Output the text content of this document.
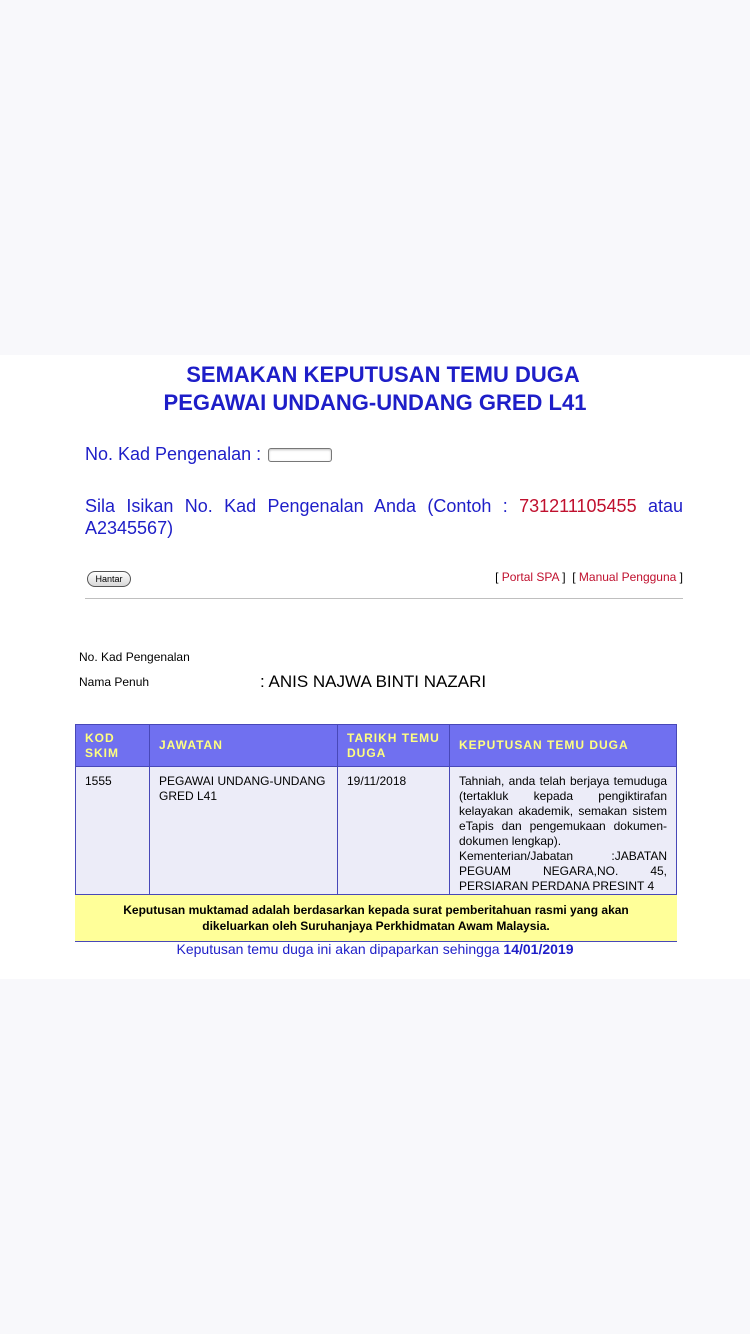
SEMAKAN KEPUTUSAN TEMU DUGA
PEGAWAI UNDANG-UNDANG GRED L41
No. Kad Pengenalan :
Sila Isikan No. Kad Pengenalan Anda (Contoh : 731211105455 atau A2345567)
Hantar	[ Portal SPA ]  [ Manual Pengguna ]
No. Kad Pengenalan
Nama Penuh	: ANIS NAJWA BINTI NAZARI
KOD SKIM	JAWATAN	TARIKH TEMU DUGA	KEPUTUSAN TEMU DUGA
1555	PEGAWAI UNDANG-UNDANG GRED L41	19/11/2018	Tahniah, anda telah berjaya temuduga (tertakluk kepada pengiktirafan kelayakan akademik, semakan sistem eTapis dan pengemukaan dokumen-dokumen lengkap).
Kementerian/Jabatan :JABATAN PEGUAM NEGARA,NO. 45, PERSIARAN PERDANA PRESINT 4

Keputusan muktamad adalah berdasarkan kepada surat pemberitahuan rasmi yang akan dikeluarkan oleh Suruhanjaya Perkhidmatan Awam Malaysia.			
Keputusan temu duga ini akan dipaparkan sehingga 14/01/2019
